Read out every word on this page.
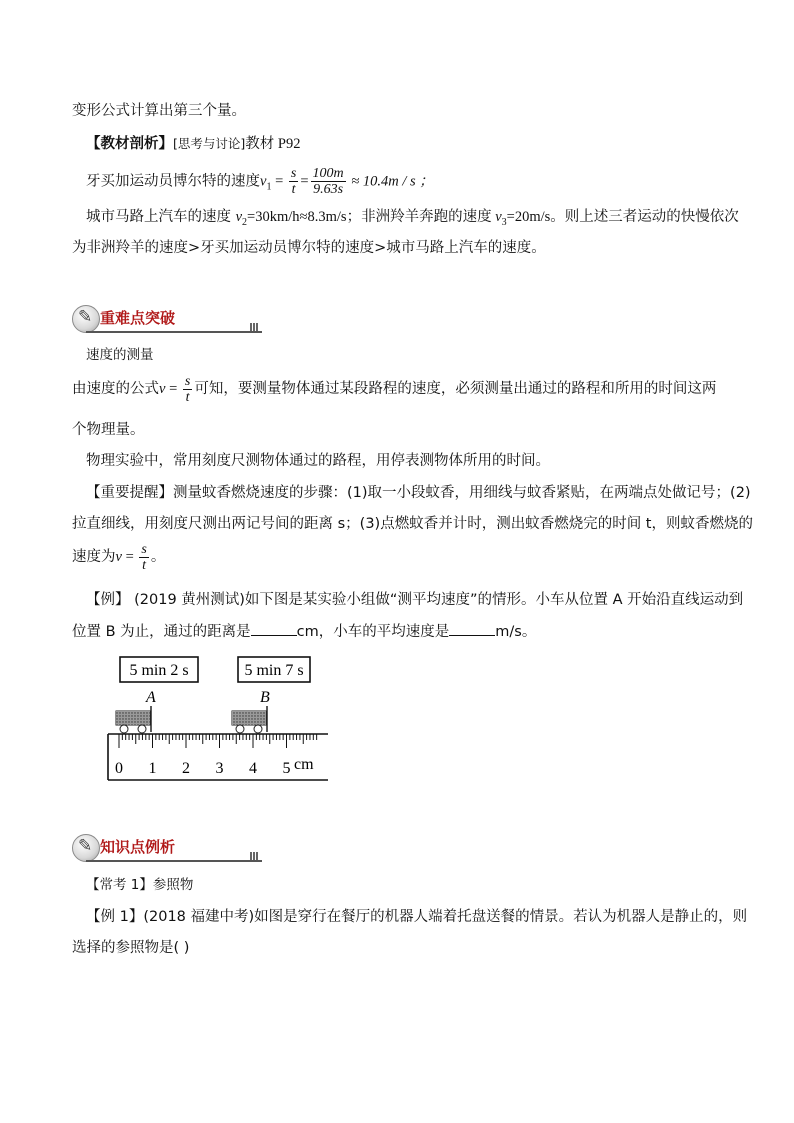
变形公式计算出第三个量。
【教材剖析】[思考与讨论]教材 P92
牙买加运动员博尔特的速度$v_1 = \frac{s}{t} = \frac{100m}{9.63s} \approx 10.4m / s$ ；
城市马路上汽车的速度 $v_2=30km/h\approx 8.3m/s$；非洲羚羊奔跑的速度 $v_3=20m/s$。则上述三者运动的快慢依次
为非洲羚羊的速度>牙买加运动员博尔特的速度>城市马路上汽车的速度。
✎ 重难点突破
速度的测量
由速度的公式$v = \frac{s}{t}$ 可知，要测量物体通过某段路程的速度，必须测量出通过的路程和所用的时间这两
个物理量。
物理实验中，常用刻度尺测物体通过的路程，用停表测物体所用的时间。
【重要提醒】测量蚊香燃烧速度的步骤：(1)取一小段蚊香，用细线与蚊香紧贴，在两端点处做记号；(2)
拉直细线，用刻度尺测出两记号间的距离 s；(3)点燃蚊香并计时，测出蚊香燃烧完的时间 t，则蚊香燃烧的
速度为$v = \frac{s}{t}$ 。
【例】 (2019 黄州测试)如下图是某实验小组做“测平均速度”的情形。小车从位置 A 开始沿直线运动到
位置 B 为止，通过的距离是	cm，小车的平均速度是	m/s。
5 min 2 s	5 min 7 s
A	B
0 1 2 3 4 5 cm
✎ 知识点例析
【常考 1】参照物
【例 1】(2018 福建中考)如图是穿行在餐厅的机器人端着托盘送餐的情景。若认为机器人是静止的，则
选择的参照物是( )
